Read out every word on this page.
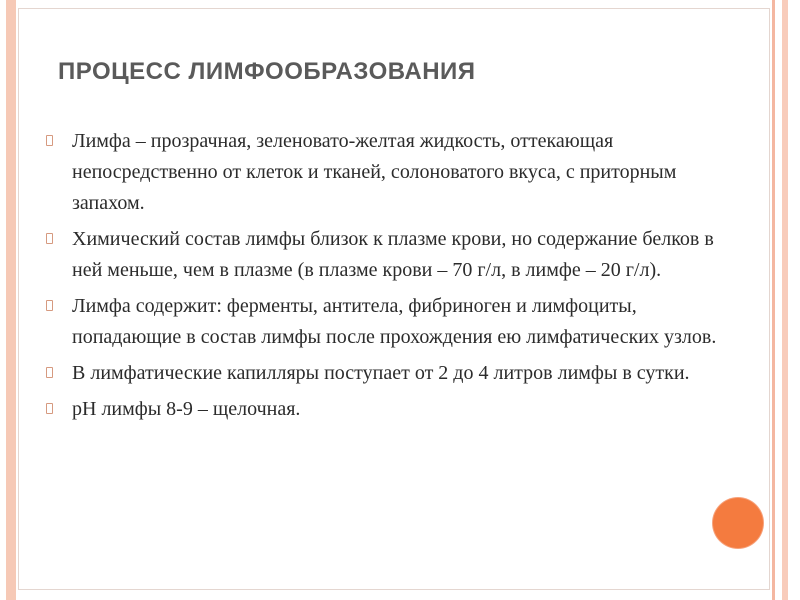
ПРОЦЕСС ЛИМФООБРАЗОВАНИЯ
Лимфа – прозрачная, зеленовато-желтая жидкость, оттекающая непосредственно от клеток и тканей, солоноватого вкуса, с приторным запахом.
Химический состав лимфы близок к плазме крови, но содержание белков в ней меньше, чем в плазме (в плазме крови – 70 г/л, в лимфе – 20 г/л).
Лимфа содержит: ферменты, антитела, фибриноген и лимфоциты, попадающие в состав лимфы после прохождения ею лимфатических узлов.
В лимфатические капилляры поступает от 2 до 4 литров лимфы в сутки.
рН лимфы 8-9 – щелочная.
